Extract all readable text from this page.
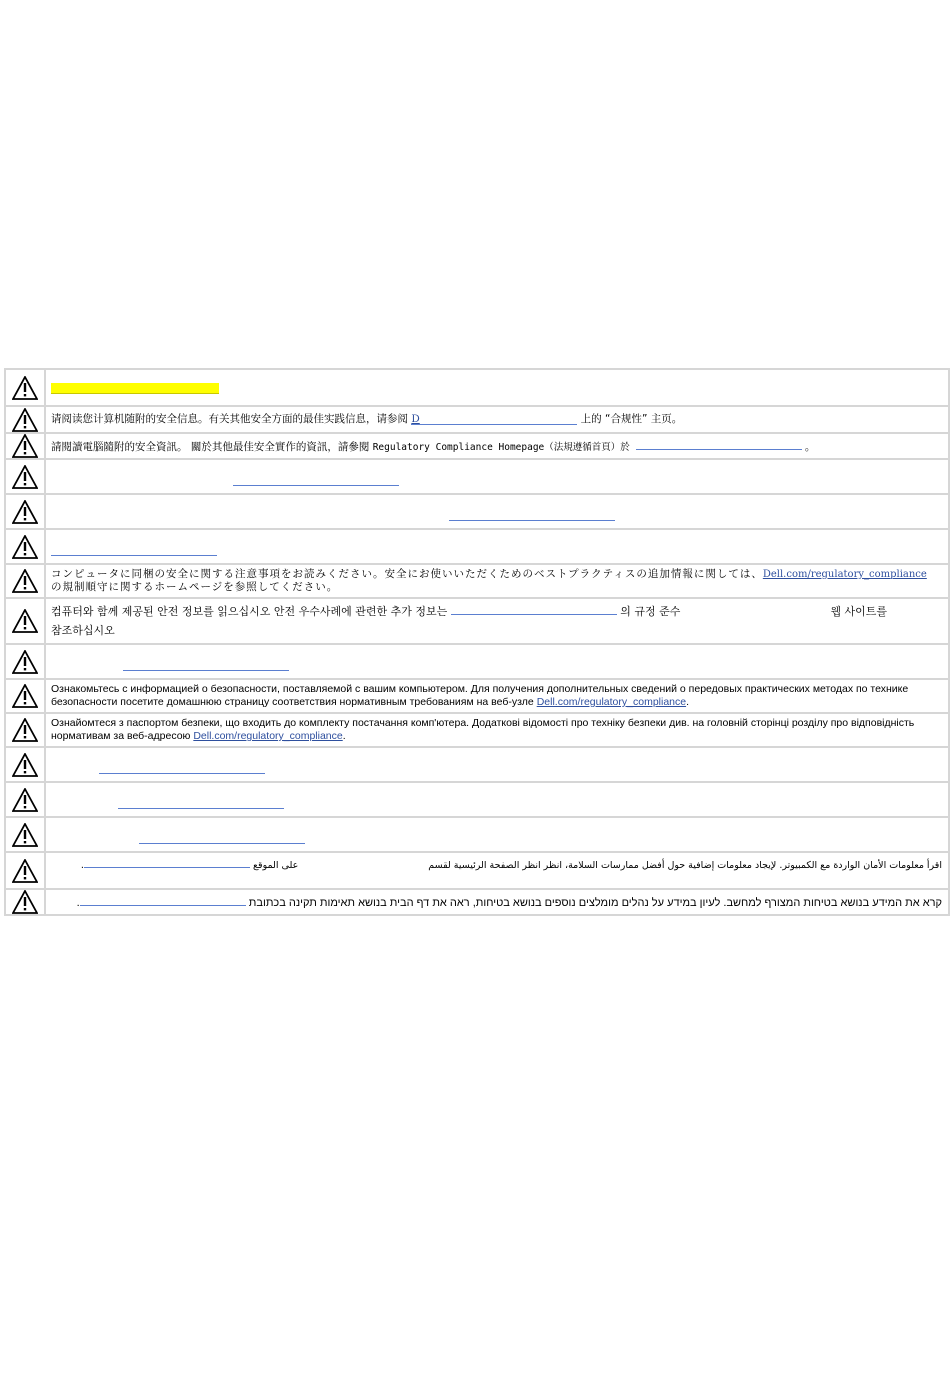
	请阅读您计算机随附的安全信息。有关其他安全方面的最佳实践信息，请参阅 D 上的 “合规性” 主页。

	請閱讀電腦隨附的安全資訊。 關於其他最佳安全實作的資訊，請參閱 Regulatory Compliance Homepage（法規遵循首頁）於 。

	コンピュータに同梱の安全に関する注意事項をお読みください。安全にお使いいただくためのベストプラクティスの追加情報に関しては、Dell.com/regulatory_compliance の規制順守に関するホームページを参照してください。

	컴퓨터와 함께 제공된 안전 정보를 읽으십시오 안전 우수사례에 관련한 추가 정보는 의 규정 준수 웹 사이트를
참조하십시오

	Ознакомьтесь с информацией о безопасности, поставляемой с вашим компьютером. Для получения дополнительных сведений о передовых практических методах по технике безопасности посетите домашнюю страницу соответствия нормативным требованиям на веб-узле Dell.com/regulatory_compliance.

	Ознайомтеся з паспортом безпеки, що входить до комплекту постачання комп'ютера. Додаткові відомості про техніку безпеки див. на головній сторінці розділу про відповідність нормативам за веб-адресою Dell.com/regulatory_compliance.

	اقرأ معلومات الأمان الواردة مع الكمبيوتر. لإيجاد معلومات إضافية حول أفضل ممارسات السلامة، انظر انظر الصفحة الرئيسية لقسمعلى الموقع .

	קרא את המידע בנושא בטיחות המצורף למחשב. לעיון במידע על נהלים מומלצים נוספים בנושא בטיחות, ראה את דף הבית בנושא תאימות תקינה בכתובת .
